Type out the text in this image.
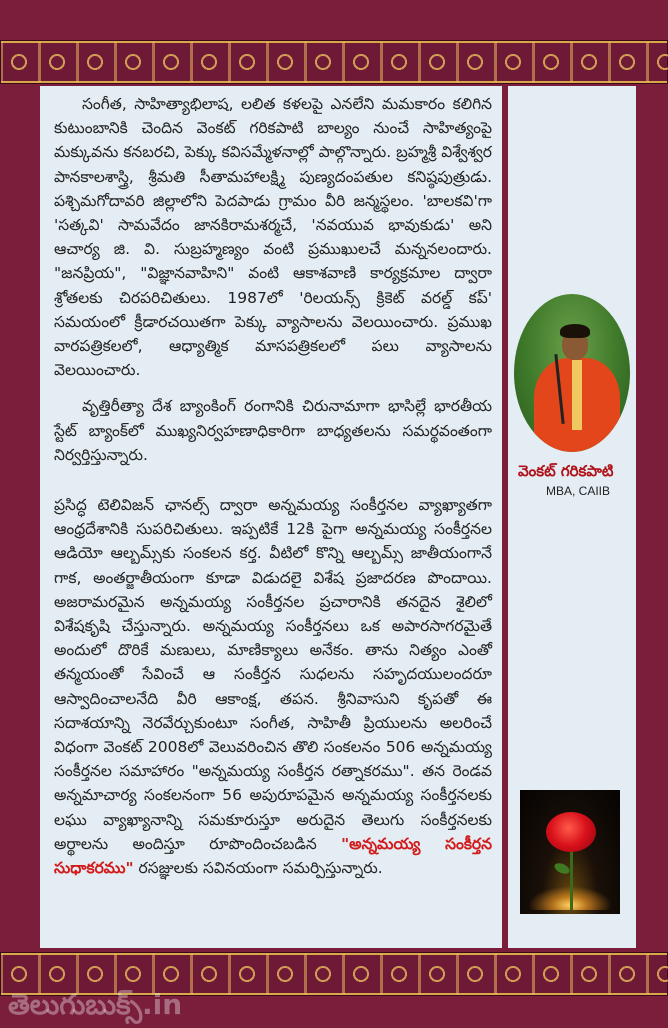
సంగీత, సాహిత్యాభిలాష, లలిత కళలపై ఎనలేని మమకారం కలిగిన కుటుంబానికి చెందిన వెంకట్ గరికపాటి బాల్యం నుంచే సాహిత్యంపై మక్కువను కనబరచి, పెక్కు కవిసమ్మేళనాల్లో పాల్గొన్నారు. బ్రహ్మశ్రీ విశ్వేశ్వర పానకాలశాస్త్రి, శ్రీమతి సీతామహాలక్ష్మి పుణ్యదంపతుల కనిష్ఠపుత్రుడు. పశ్చిమగోదావరి జిల్లాలోని పెదపాడు గ్రామం వీరి జన్మస్థలం. 'బాలకవి'గా 'సత్కవి' సామవేదం జానకిరామశర్మచే, 'నవయువ భావుకుడు' అని ఆచార్య జి. వి. సుబ్రహ్మణ్యం వంటి ప్రముఖులచే మన్ననలందారు. "జనప్రియ", "విజ్ఞానవాహిని" వంటి ఆకాశవాణి కార్యక్రమాల ద్వారా శ్రోతలకు చిరపరిచితులు. 1987లో 'రిలయన్స్ క్రికెట్ వరల్డ్ కప్' సమయంలో క్రీడారచయితగా పెక్కు వ్యాసాలను వెలయించారు. ప్రముఖ వారపత్రికలలో, ఆధ్యాత్మిక మాసపత్రికలలో పలు వ్యాసాలను వెలయించారు.

వృత్తిరీత్యా దేశ బ్యాంకింగ్ రంగానికి చిరునామాగా భాసిల్లే భారతీయ స్టేట్ బ్యాంక్‌లో ముఖ్యనిర్వహణాధికారిగా బాధ్యతలను సమర్థవంతంగా నిర్వర్తిస్తున్నారు.

ప్రసిద్ధ టెలివిజన్ ఛానల్స్ ద్వారా అన్నమయ్య సంకీర్తనల వ్యాఖ్యాతగా ఆంధ్రదేశానికి సుపరిచితులు. ఇప్పటికే 12కి పైగా అన్నమయ్య సంకీర్తనల ఆడియో ఆల్బమ్స్‌కు సంకలన కర్త. వీటిలో కొన్ని ఆల్బమ్స్ జాతీయంగానే గాక, అంతర్జాతీయంగా కూడా విడుదలై విశేష ప్రజాదరణ పొందాయి. అజరామరమైన అన్నమయ్య సంకీర్తనల ప్రచారానికి తనదైన శైలిలో విశేషకృషి చేస్తున్నారు. అన్నమయ్య సంకీర్తనలు ఒక అపారసాగరమైతే అందులో దొరికే మణులు, మాణిక్యాలు అనేకం. తాను నిత్యం ఎంతో తన్మయంతో సేవించే ఆ సంకీర్తన సుధలను సహృదయులందరూ ఆస్వాదించాలనేది వీరి ఆకాంక్ష, తపన. శ్రీనివాసుని కృపతో ఈ సదాశయాన్ని నెరవేర్చుకుంటూ సంగీత, సాహితీ ప్రియులను అలరించే విధంగా వెంకట్ 2008లో వెలువరించిన తొలి సంకలనం 506 అన్నమయ్య సంకీర్తనల సమాహారం "అన్నమయ్య సంకీర్తన రత్నాకరము". తన రెండవ అన్నమాచార్య సంకలనంగా 56 అపురూపమైన అన్నమయ్య సంకీర్తనలకు లఘు వ్యాఖ్యానాన్ని సమకూరుస్తూ అరుదైన తెలుగు సంకీర్తనలకు అర్థాలను అందిస్తూ రూపొందించబడిన "అన్నమయ్య సంకీర్తన సుధాకరము" రసజ్ఞులకు సవినయంగా సమర్పిస్తున్నారు.

వెంకట్ గరికపాటి
MBA, CAIIB
తెలుగుబుక్స్.in
